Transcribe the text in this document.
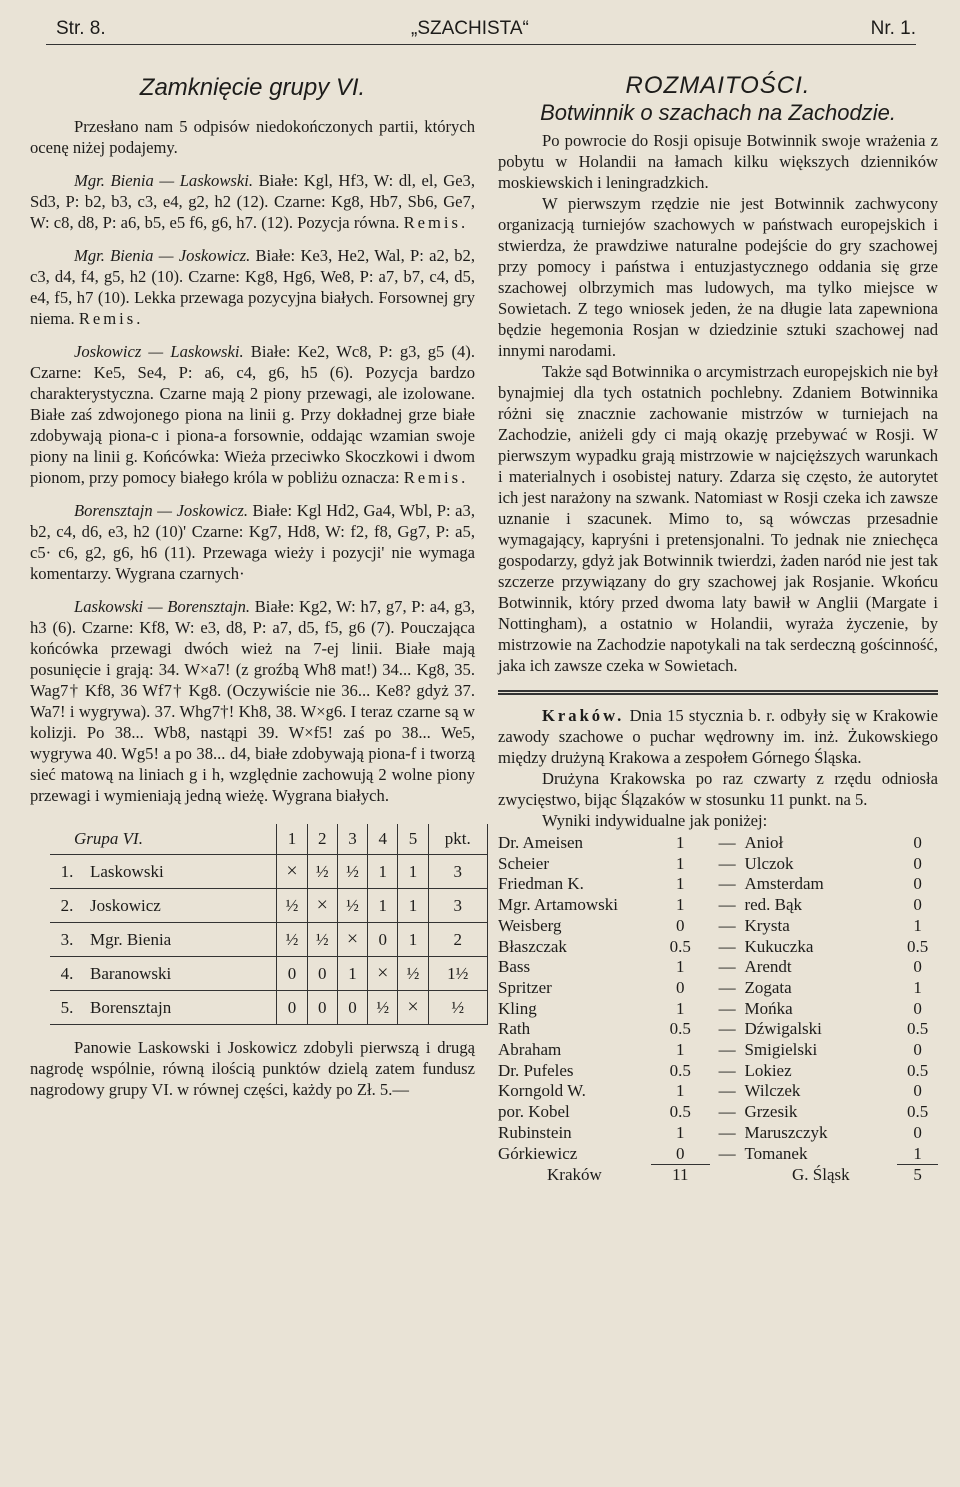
Str. 8.	„SZACHISTA“	Nr. 1.
Zamknięcie grupy VI.

Przesłano nam 5 odpisów niedokończonych partii, których ocenę niżej podajemy.

Mgr. Bienia — Laskowski. Białe: Kgl, Hf3, W: dl, el, Ge3, Sd3, P: b2, b3, c3, e4, g2, h2 (12). Czarne: Kg8, Hb7, Sb6, Ge7, W: c8, d8, P: a6, b5, e5 f6, g6, h7. (12). Pozycja równa. Remis.

Mgr. Bienia — Joskowicz. Białe: Ke3, He2, Wal, P: a2, b2, c3, d4, f4, g5, h2 (10). Czarne: Kg8, Hg6, We8, P: a7, b7, c4, d5, e4, f5, h7 (10). Lekka przewaga pozycyjna białych. Forsownej gry niema. Remis.

Joskowicz — Laskowski. Białe: Ke2, Wc8, P: g3, g5 (4). Czarne: Ke5, Se4, P: a6, c4, g6, h5 (6). Pozycja bardzo charakterystyczna. Czarne mają 2 piony przewagi, ale izolowane. Białe zaś zdwojonego piona na linii g. Przy dokładnej grze białe zdobywają piona-c i piona-a forsownie, oddając wzamian swoje piony na linii g. Końcówka: Wieża przeciwko Skoczkowi i dwom pionom, przy pomocy białego króla w pobliżu oznacza: Remis.

Borensztajn — Joskowicz. Białe: Kgl Hd2, Ga4, Wbl, P: a3, b2, c4, d6, e3, h2 (10)' Czarne: Kg7, Hd8, W: f2, f8, Gg7, P: a5, c5· c6, g2, g6, h6 (11). Przewaga wieży i pozycji' nie wymaga komentarzy. Wygrana czarnych·

Laskowski — Borensztajn. Białe: Kg2, W: h7, g7, P: a4, g3, h3 (6). Czarne: Kf8, W: e3, d8, P: a7, d5, f5, g6 (7). Pouczająca końcówka przewagi dwóch wież na 7-ej linii. Białe mają posunięcie i grają: 34. W×a7! (z groźbą Wh8 mat!) 34... Kg8, 35. Wag7† Kf8, 36 Wf7† Kg8. (Oczywiście nie 36... Ke8? gdyż 37. Wa7! i wygrywa). 37. Whg7†! Kh8, 38. W×g6. I teraz czarne są w kolizji. Po 38... Wb8, nastąpi 39. W×f5! zaś po 38... We5, wygrywa 40. Wg5! a po 38... d4, białe zdobywają piona-f i tworzą sieć matową na liniach g i h, względnie zachowują 2 wolne piony przewagi i wymieniają jedną wieżę. Wygrana białych.

Grupa VI.		1	2	3	4	5	pkt.
1.	Laskowski	×	½	½	1	1	3
2.	Joskowicz	½	×	½	1	1	3
3.	Mgr. Bienia	½	½	×	0	1	2
4.	Baranowski	0	0	1	×	½	1½
5.	Borensztajn	0	0	0	½	×	½

Panowie Laskowski i Joskowicz zdobyli pierwszą i drugą nagrodę wspólnie, równą ilością punktów dzielą zatem fundusz nagrodowy grupy VI. w równej części, każdy po Zł. 5.—

ROZMAITOŚCI.
Botwinnik o szachach na Zachodzie.

Po powrocie do Rosji opisuje Botwinnik swoje wrażenia z pobytu w Holandii na łamach kilku większych dzienników moskiewskich i leningradzkich.

W pierwszym rzędzie nie jest Botwinnik zachwycony organizacją turniejów szachowych w państwach europejskich i stwierdza, że prawdziwe naturalne podejście do gry szachowej przy pomocy i państwa i entuzjastycznego oddania się grze szachowej olbrzymich mas ludowych, ma tylko miejsce w Sowietach. Z tego wniosek jeden, że na długie lata zapewniona będzie hegemonia Rosjan w dziedzinie sztuki szachowej nad innymi narodami.

Także sąd Botwinnika o arcymistrzach europejskich nie był bynajmiej dla tych ostatnich pochlebny. Zdaniem Botwinnika różni się znacznie zachowanie mistrzów w turniejach na Zachodzie, aniżeli gdy ci mają okazję przebywać w Rosji. W pierwszym wypadku grają mistrzowie w najcięższych warunkach i materialnych i osobistej natury. Zdarza się często, że autorytet ich jest narażony na szwank. Natomiast w Rosji czeka ich zawsze uznanie i szacunek. Mimo to, są wówczas przesadnie wymagający, kapryśni i pretensjonalni. To jednak nie zniechęca gospodarzy, gdyż jak Botwinnik twierdzi, żaden naród nie jest tak szczerze przywiązany do gry szachowej jak Rosjanie. Wkońcu Botwinnik, który przed dwoma laty bawił w Anglii (Margate i Nottingham), a ostatnio w Holandii, wyraża życzenie, by mistrzowie na Zachodzie napotykali na tak serdeczną gościnność, jaka ich zawsze czeka w Sowietach.

Kraków. Dnia 15 stycznia b. r. odbyły się w Krakowie zawody szachowe o puchar wędrowny im. inż. Żukowskiego między drużyną Krakowa a zespołem Górnego Śląska.

Drużyna Krakowska po raz czwarty z rzędu odniosła zwycięstwo, bijąc Ślązaków w stosunku 11 punkt. na 5.

Wyniki indywidualne jak poniżej:

Dr. Ameisen	1	—	Anioł	0
Scheier	1	—	Ulczok	0
Friedman K.	1	—	Amsterdam	0
Mgr. Artamowski	1	—	red. Bąk	0
Weisberg	0	—	Krysta	1
Błaszczak	0.5	—	Kukuczka	0.5
Bass	1	—	Arendt	0
Spritzer	0	—	Zogata	1
Kling	1	—	Mońka	0
Rath	0.5	—	Dźwigalski	0.5
Abraham	1	—	Smigielski	0
Dr. Pufeles	0.5	—	Lokiez	0.5
Korngold W.	1	—	Wilczek	0
por. Kobel	0.5	—	Grzesik	0.5
Rubinstein	1	—	Maruszczyk	0
Górkiewicz	0	—	Tomanek	1
Kraków	11		G. Śląsk	5
